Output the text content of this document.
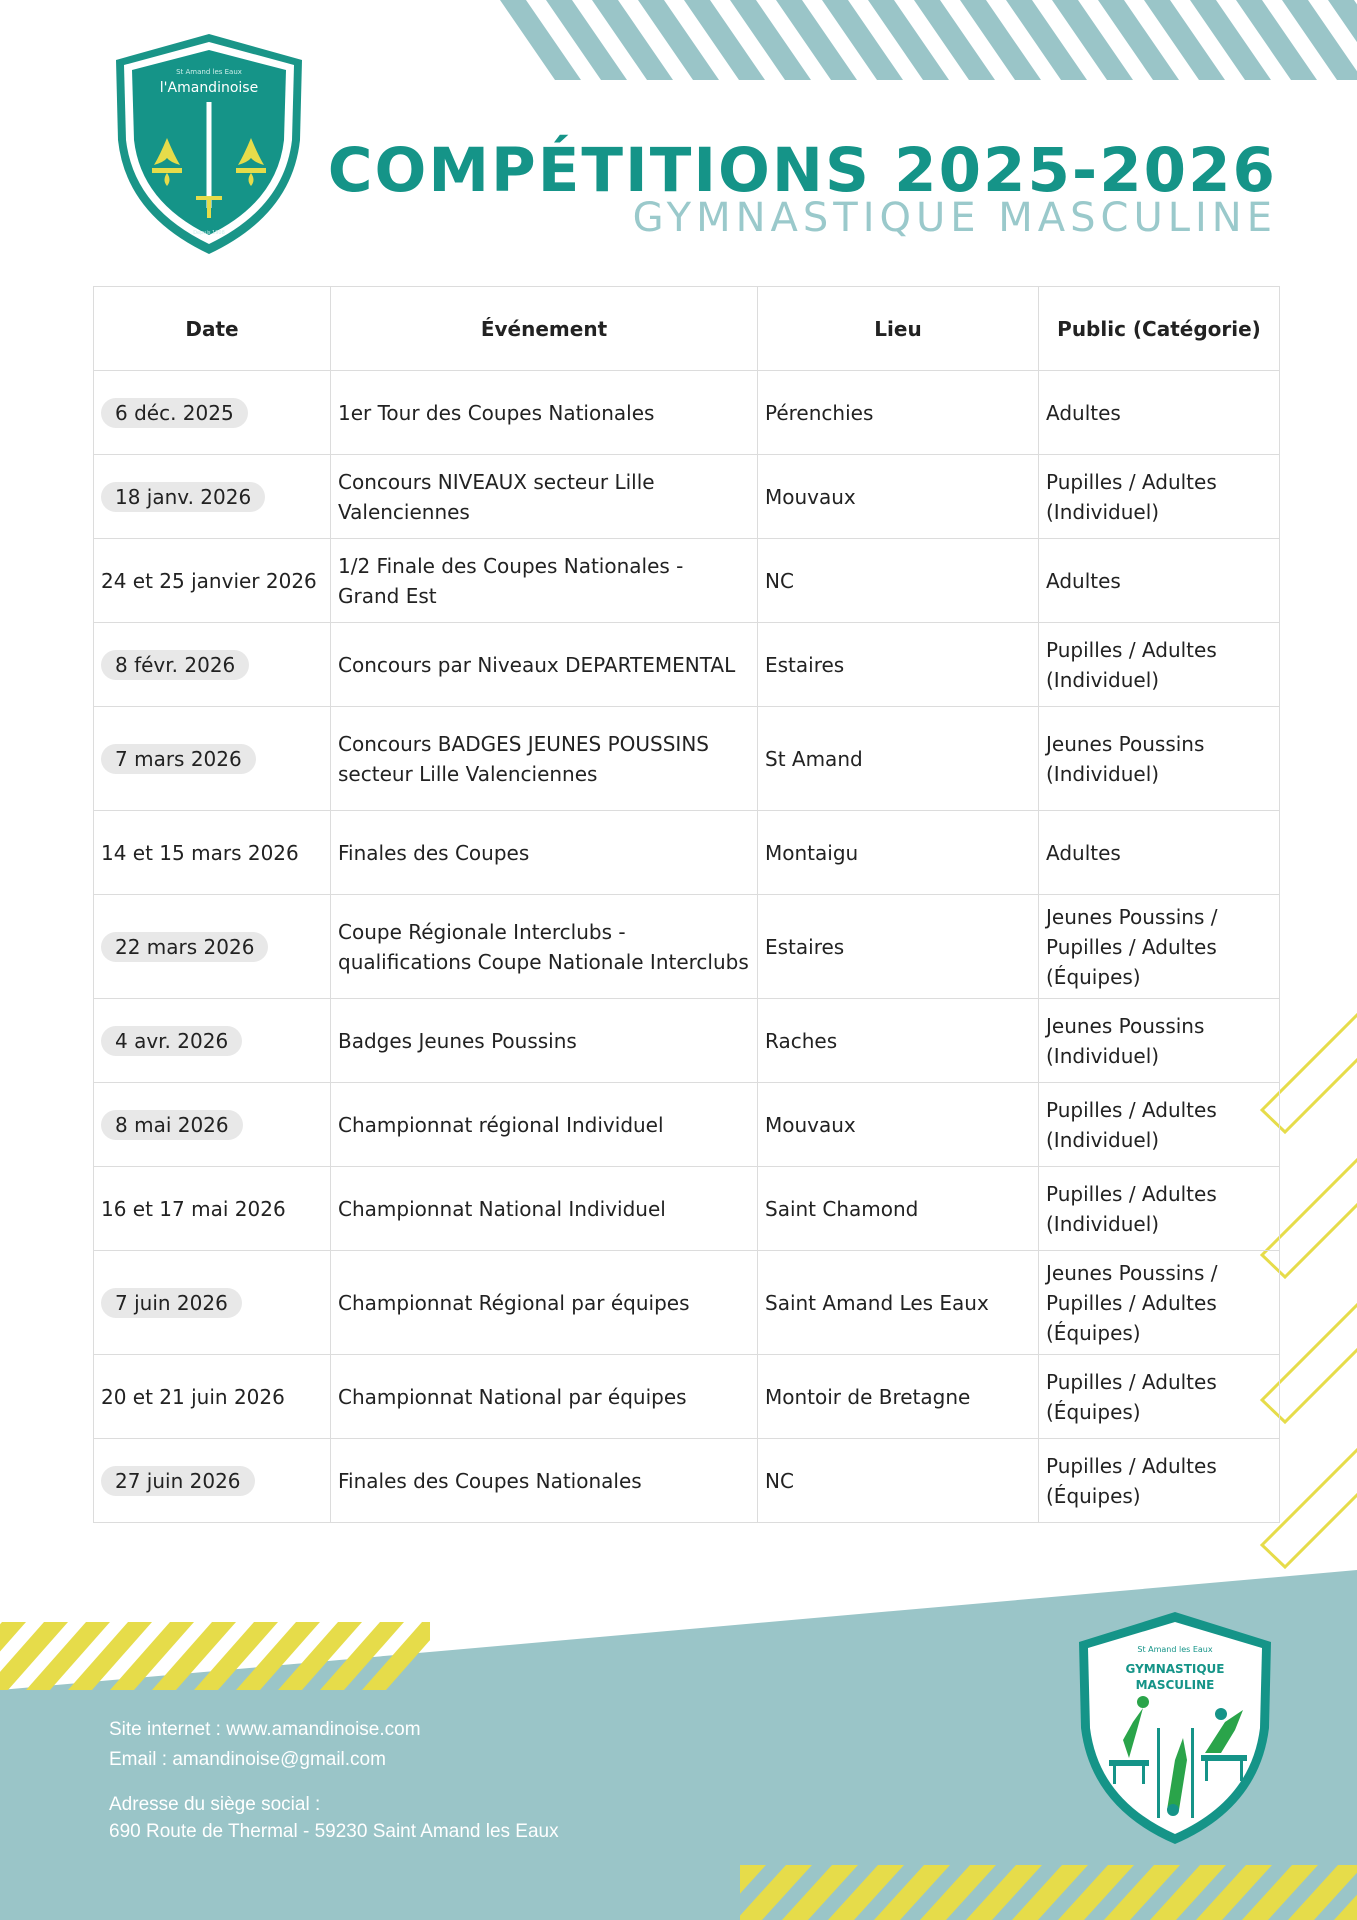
St Amand les Eaux
l'Amandinoise
Depuis 1908
COMPÉTITIONS 2025-2026
GYMNASTIQUE MASCULINE
Date	Événement	Lieu	Public (Catégorie)
6 déc. 2025	1er Tour des Coupes Nationales	Pérenchies	Adultes
18 janv. 2026	Concours NIVEAUX secteur Lille Valenciennes	Mouvaux	Pupilles / Adultes (Individuel)
24 et 25 janvier 2026	1/2 Finale des Coupes Nationales - Grand Est	NC	Adultes
8 févr. 2026	Concours par Niveaux DEPARTEMENTAL	Estaires	Pupilles / Adultes (Individuel)
7 mars 2026	Concours BADGES JEUNES POUSSINS secteur Lille Valenciennes	St Amand	Jeunes Poussins (Individuel)
14 et 15 mars 2026	Finales des Coupes	Montaigu	Adultes
22 mars 2026	Coupe Régionale Interclubs - qualifications Coupe Nationale Interclubs	Estaires	Jeunes Poussins / Pupilles / Adultes (Équipes)
4 avr. 2026	Badges Jeunes Poussins	Raches	Jeunes Poussins (Individuel)
8 mai 2026	Championnat régional Individuel	Mouvaux	Pupilles / Adultes (Individuel)
16 et 17 mai 2026	Championnat National Individuel	Saint Chamond	Pupilles / Adultes (Individuel)
7 juin 2026	Championnat Régional par équipes	Saint Amand Les Eaux	Jeunes Poussins / Pupilles / Adultes (Équipes)
20 et 21 juin 2026	Championnat National par équipes	Montoir de Bretagne	Pupilles / Adultes (Équipes)
27 juin 2026	Finales des Coupes Nationales	NC	Pupilles / Adultes (Équipes)
Site internet : www.amandinoise.com
Email : amandinoise@gmail.com
Adresse du siège social :
690 Route de Thermal - 59230 Saint Amand les Eaux
St Amand les Eaux
GYMNASTIQUE
MASCULINE
